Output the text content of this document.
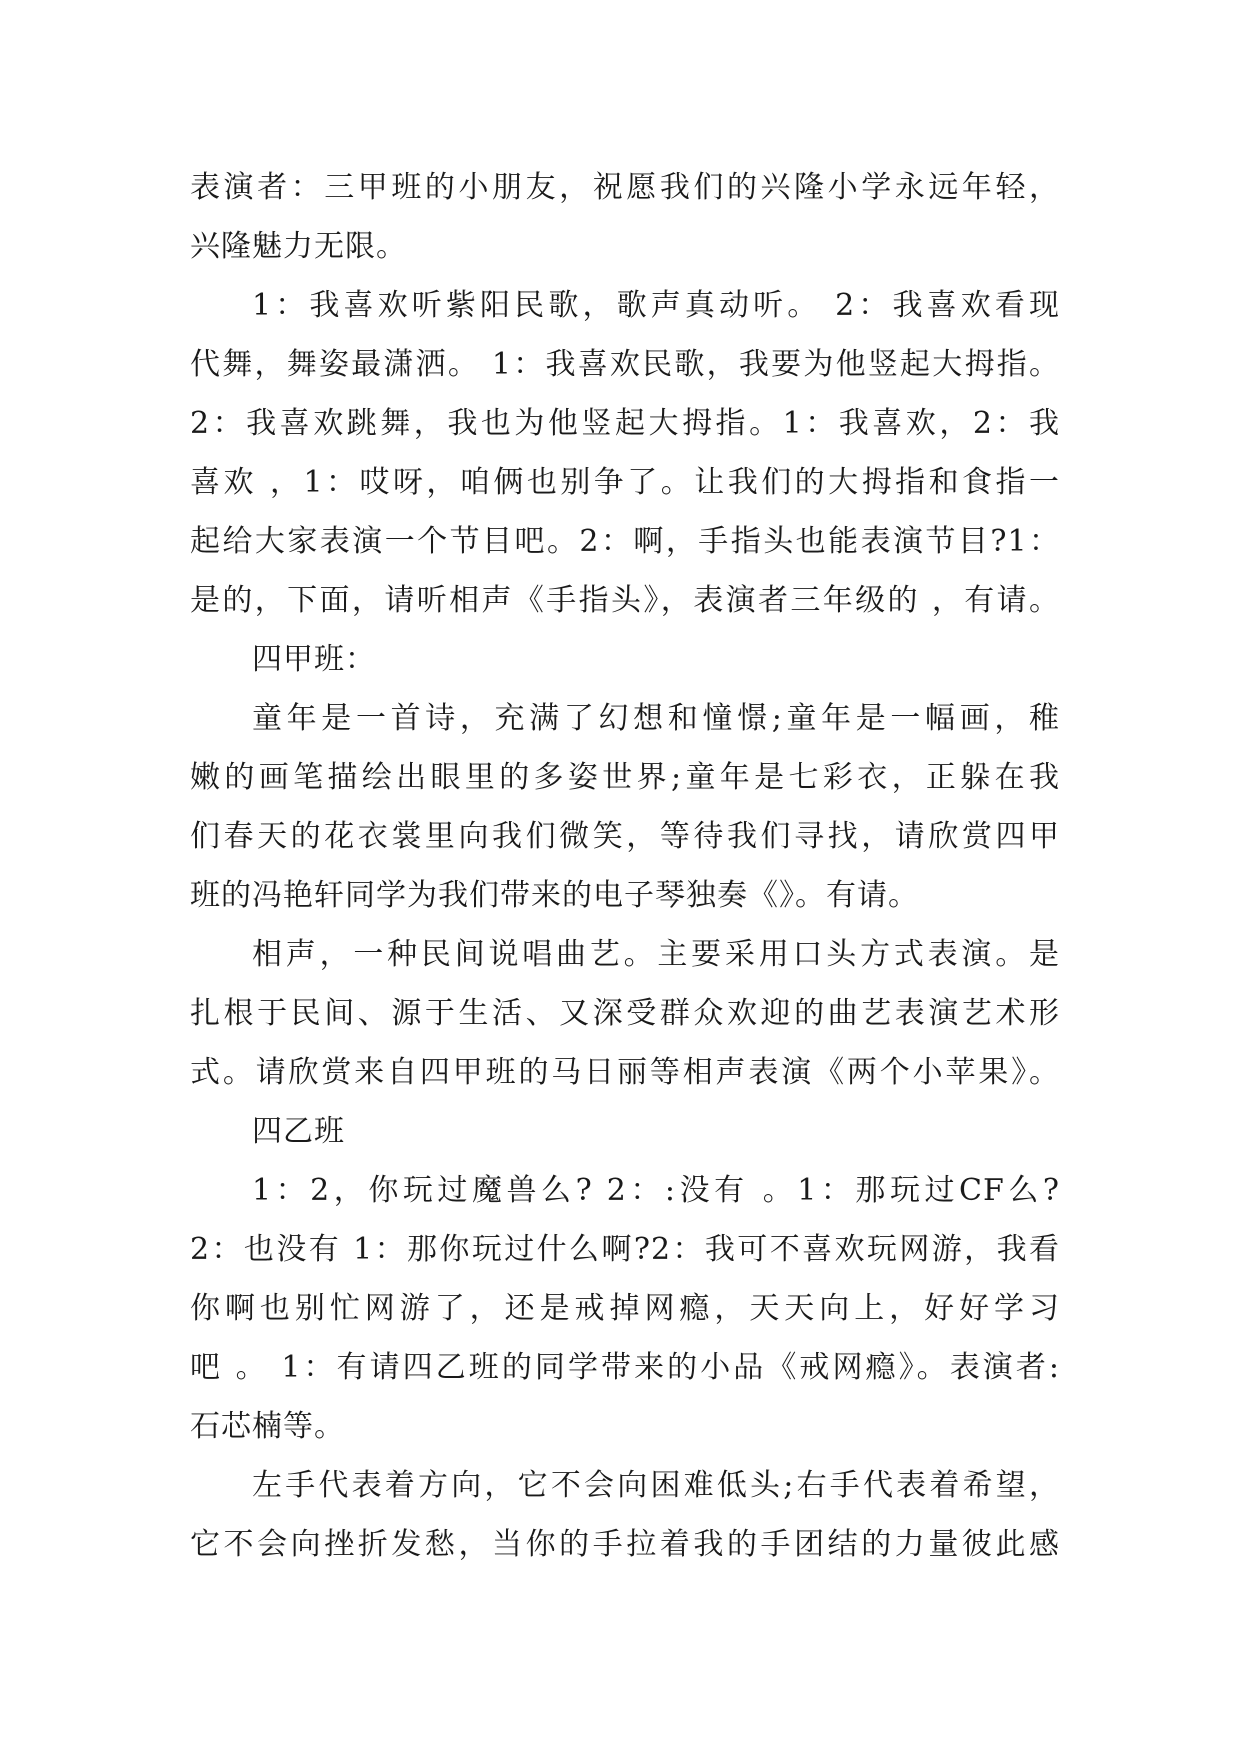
表演者：三甲班的小朋友，祝愿我们的兴隆小学永远年轻，
兴隆魅力无限。
1：我喜欢听紫阳民歌，歌声真动听。 2：我喜欢看现
代舞，舞姿最潇洒。 1：我喜欢民歌，我要为他竖起大拇指。
2：我喜欢跳舞，我也为他竖起大拇指。1：我喜欢，2：我
喜欢 ，1：哎呀，咱俩也别争了。让我们的大拇指和食指一
起给大家表演一个节目吧。2：啊，手指头也能表演节目?1：
是的，下面，请听相声《手指头》，表演者三年级的 ，有请。
四甲班：
童年是一首诗，充满了幻想和憧憬;童年是一幅画，稚
嫩的画笔描绘出眼里的多姿世界;童年是七彩衣，正躲在我
们春天的花衣裳里向我们微笑，等待我们寻找，请欣赏四甲
班的冯艳轩同学为我们带来的电子琴独奏《》。有请。
相声，一种民间说唱曲艺。主要采用口头方式表演。是
扎根于民间、源于生活、又深受群众欢迎的曲艺表演艺术形
式。请欣赏来自四甲班的马日丽等相声表演《两个小苹果》。
四乙班
1：2，你玩过魔兽么? 2：:没有 。1：那玩过CF么?
2：也没有 1：那你玩过什么啊?2：我可不喜欢玩网游，我看
你啊也别忙网游了，还是戒掉网瘾，天天向上，好好学习
吧 。 1：有请四乙班的同学带来的小品《戒网瘾》。表演者:
石芯楠等。
左手代表着方向，它不会向困难低头;右手代表着希望，
它不会向挫折发愁，当你的手拉着我的手团结的力量彼此感
